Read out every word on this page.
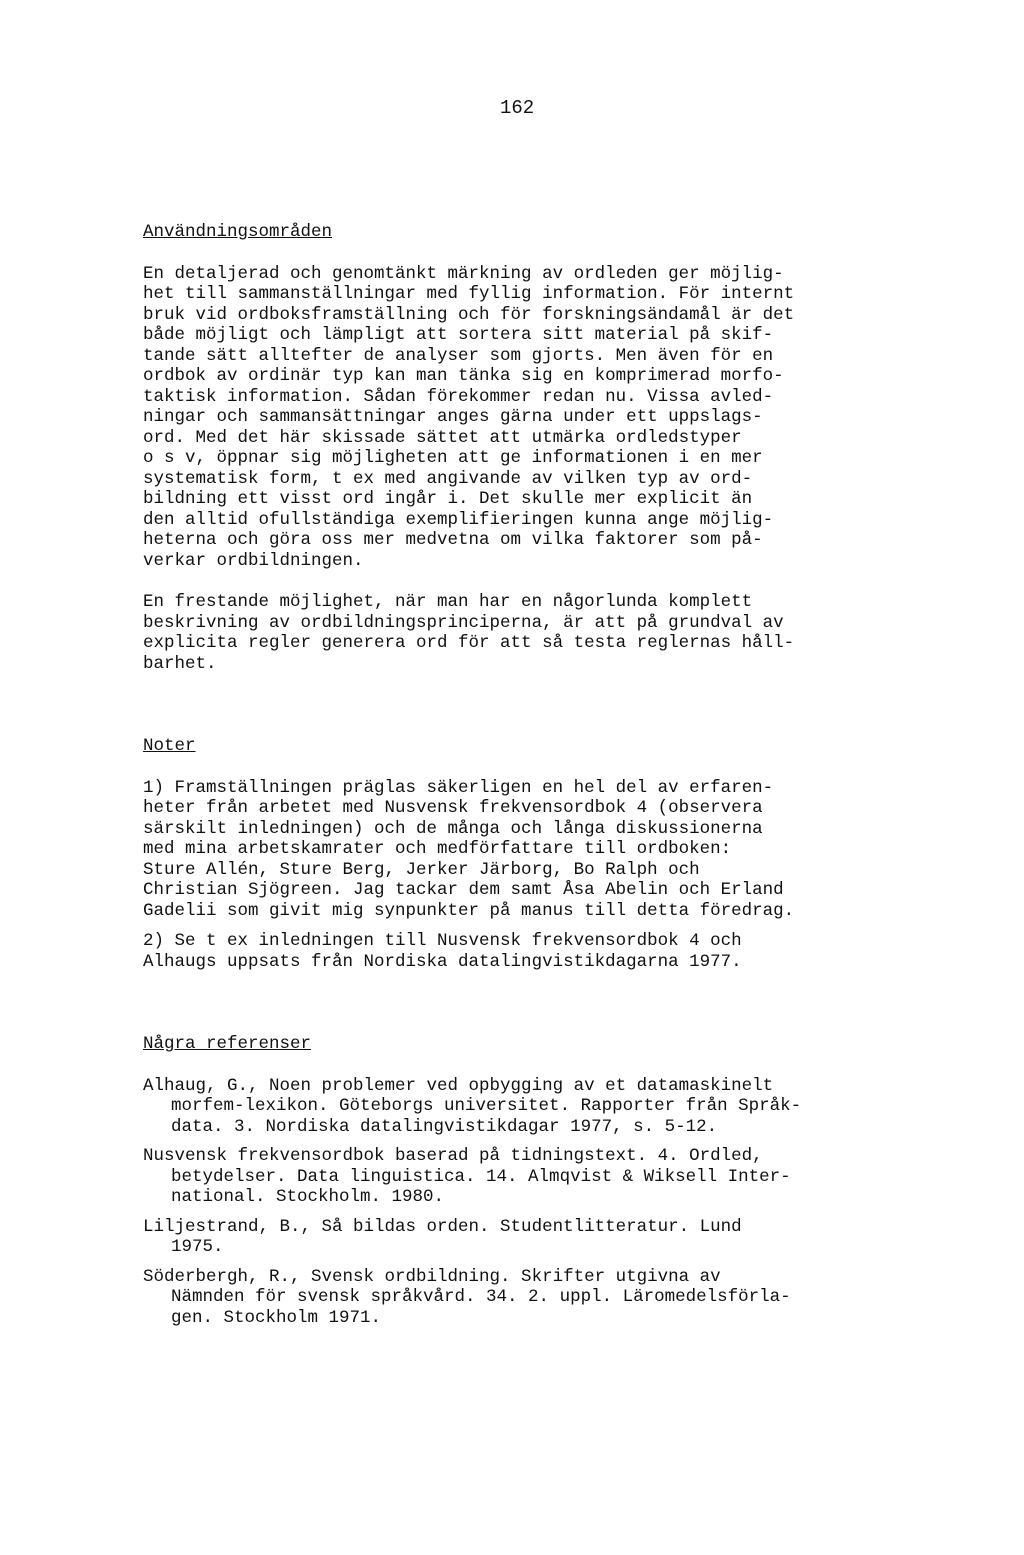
162
Användningsområden
En detaljerad och genomtänkt märkning av ordleden ger möjlig-
het till sammanställningar med fyllig information. För internt
bruk vid ordboksframställning och för forskningsändamål är det
både möjligt och lämpligt att sortera sitt material på skif-
tande sätt alltefter de analyser som gjorts. Men även för en
ordbok av ordinär typ kan man tänka sig en komprimerad morfo-
taktisk information. Sådan förekommer redan nu. Vissa avled-
ningar och sammansättningar anges gärna under ett uppslags-
ord. Med det här skissade sättet att utmärka ordledstyper
o s v, öppnar sig möjligheten att ge informationen i en mer
systematisk form, t ex med angivande av vilken typ av ord-
bildning ett visst ord ingår i. Det skulle mer explicit än
den alltid ofullständiga exemplifieringen kunna ange möjlig-
heterna och göra oss mer medvetna om vilka faktorer som på-
verkar ordbildningen.
En frestande möjlighet, när man har en någorlunda komplett
beskrivning av ordbildningsprinciperna, är att på grundval av
explicita regler generera ord för att så testa reglernas håll-
barhet.
Noter
1) Framställningen präglas säkerligen en hel del av erfaren-
heter från arbetet med Nusvensk frekvensordbok 4 (observera
särskilt inledningen) och de många och långa diskussionerna
med mina arbetskamrater och medförfattare till ordboken:
Sture Allén, Sture Berg, Jerker Järborg, Bo Ralph och
Christian Sjögreen. Jag tackar dem samt Åsa Abelin och Erland
Gadelii som givit mig synpunkter på manus till detta föredrag.
2) Se t ex inledningen till Nusvensk frekvensordbok 4 och
Alhaugs uppsats från Nordiska datalingvistikdagarna 1977.
Några referenser
Alhaug, G., Noen problemer ved opbygging av et datamaskinelt
morfem-lexikon. Göteborgs universitet. Rapporter från Språk-
data. 3. Nordiska datalingvistikdagar 1977, s. 5-12.
Nusvensk frekvensordbok baserad på tidningstext. 4. Ordled,
betydelser. Data linguistica. 14. Almqvist & Wiksell Inter-
national. Stockholm. 1980.
Liljestrand, B., Så bildas orden. Studentlitteratur. Lund
1975.
Söderbergh, R., Svensk ordbildning. Skrifter utgivna av
Nämnden för svensk språkvård. 34. 2. uppl. Läromedelsförla-
gen. Stockholm 1971.
